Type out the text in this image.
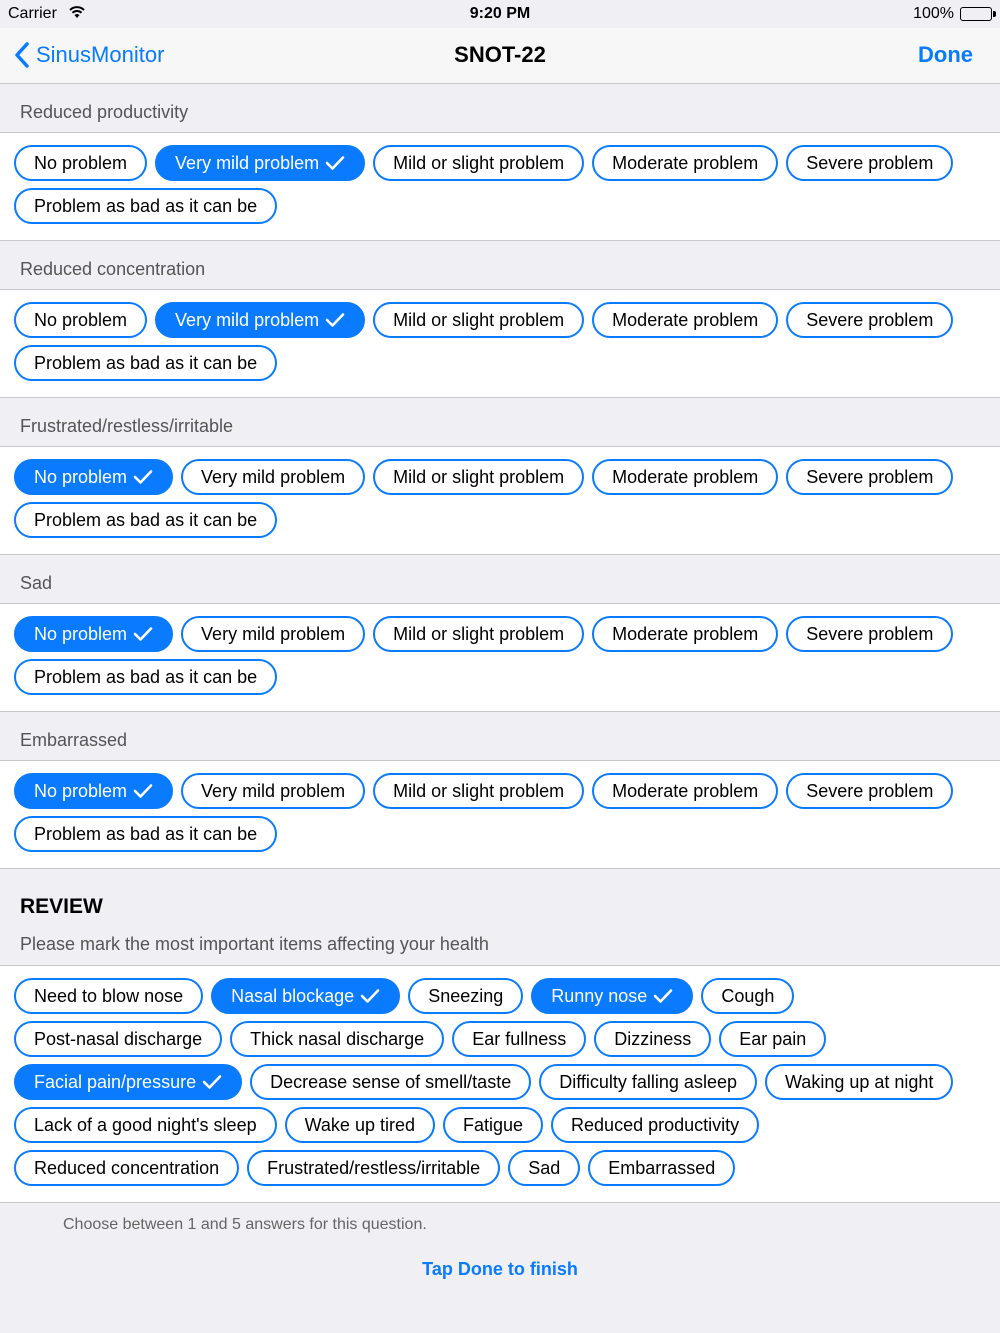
Carrier	9:20 PM	100%
SinusMonitor	SNOT-22	Done
Reduced productivity
No problem	Very mild problem	Mild or slight problem	Moderate problem	Severe problem
Problem as bad as it can be
Reduced concentration
No problem	Very mild problem	Mild or slight problem	Moderate problem	Severe problem
Problem as bad as it can be
Frustrated/restless/irritable
No problem	Very mild problem	Mild or slight problem	Moderate problem	Severe problem
Problem as bad as it can be
Sad
No problem	Very mild problem	Mild or slight problem	Moderate problem	Severe problem
Problem as bad as it can be
Embarrassed
No problem	Very mild problem	Mild or slight problem	Moderate problem	Severe problem
Problem as bad as it can be
REVIEW
Please mark the most important items affecting your health
Need to blow nose	Nasal blockage	Sneezing	Runny nose	Cough
Post-nasal discharge	Thick nasal discharge	Ear fullness	Dizziness	Ear pain
Facial pain/pressure	Decrease sense of smell/taste	Difficulty falling asleep	Waking up at night
Lack of a good night's sleep	Wake up tired	Fatigue	Reduced productivity
Reduced concentration	Frustrated/restless/irritable	Sad	Embarrassed
Choose between 1 and 5 answers for this question.
Tap Done to finish
